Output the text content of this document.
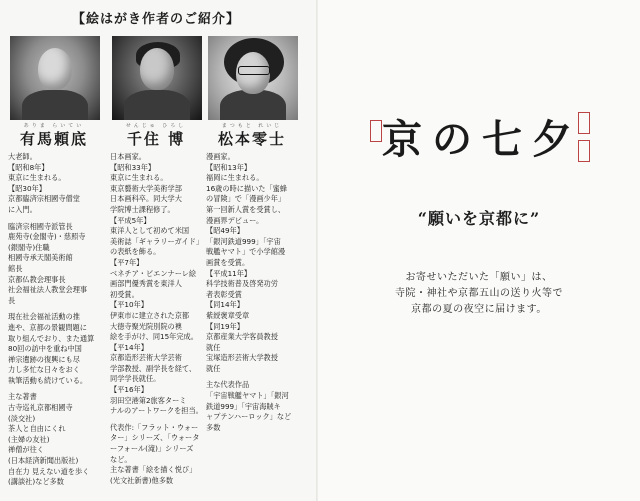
【絵はがき作者のご紹介】
ありま らいてい
有馬頼底
大老師。
【昭和8年】
東京に生まれる。
【昭30年】
京都臨済宗相國寺僧堂
に入門。
臨済宗相國寺派管長
鹿苑寺(金閣寺)・慈照寺
(銀閣寺)住職
相國寺承天閣美術館
館長
京都仏教会理事長
社会福祉法人教堂会理事
長
現在社会福祉活動の推
進や、京都の景観問題に
取り組んでおり、また通算
80回の訪中を重ね中国
禅宗遺跡の復興にも尽
力し多忙な日々をおく
執筆活動も続けている。
主な著書
古寺巡礼京都相國寺
(淡交社)
茶人と自由にくれ
(主婦の友社)
禅僧が往く
(日本経済新聞出版社)
自在力 見えない道を歩く
(講談社)など多数
せんじゅ ひろし
千住 博
日本画家。
【昭和33年】
東京に生まれる。
東京藝術大学美術学部
日本画科卒。同大学大
学院博士課程修了。
【平成5年】
東洋人として初めて米国
美術誌「ギャラリーガイド」
の表紙を飾る。
【平7年】
ベネチア・ビエンナーレ絵
画部門優秀賞を東洋人
初受賞。
【平10年】
伊東市に建立された京都
大徳寺聚光院別院の襖
絵を手がけ、同15年完成。
【平14年】
京都造形芸術大学芸術
学部教授、副学長を経て、
同学学長就任。
【平16年】
羽田空港第2旅客ターミ
ナルのアートワークを担当。
代表作:「フラット・ウォー
ター」シリーズ、「ウォータ
ーフォール(滝)」シリーズ
など。
主な著書「絵を描く悦び」
(光文社新書)他多数
まつもと れいじ
松本零士
漫画家。
【昭和13年】
福岡に生まれる。
16歳の時に描いた「蜜蜂
の冒険」で「漫画少年」
第一回新人賞を受賞し、
漫画界デビュー。
【昭49年】
「銀河鉄道999」「宇宙
戦艦ヤマト」で小学館漫
画賞を受賞。
【平成11年】
科学技術普及啓発功労
者表彰受賞
【同14年】
紫綬褒章受章
【同19年】
京都産業大学客員教授
就任
宝塚造形芸術大学教授
就任
主な代表作品
「宇宙戦艦ヤマト」「銀河
鉄道999」「宇宙海賊キ
ャプテンハーロック」など
多数
京の七夕
“願いを京都に”
お寄せいただいた「願い」は、
寺院・神社や京都五山の送り火等で
京都の夏の夜空に届けます。
